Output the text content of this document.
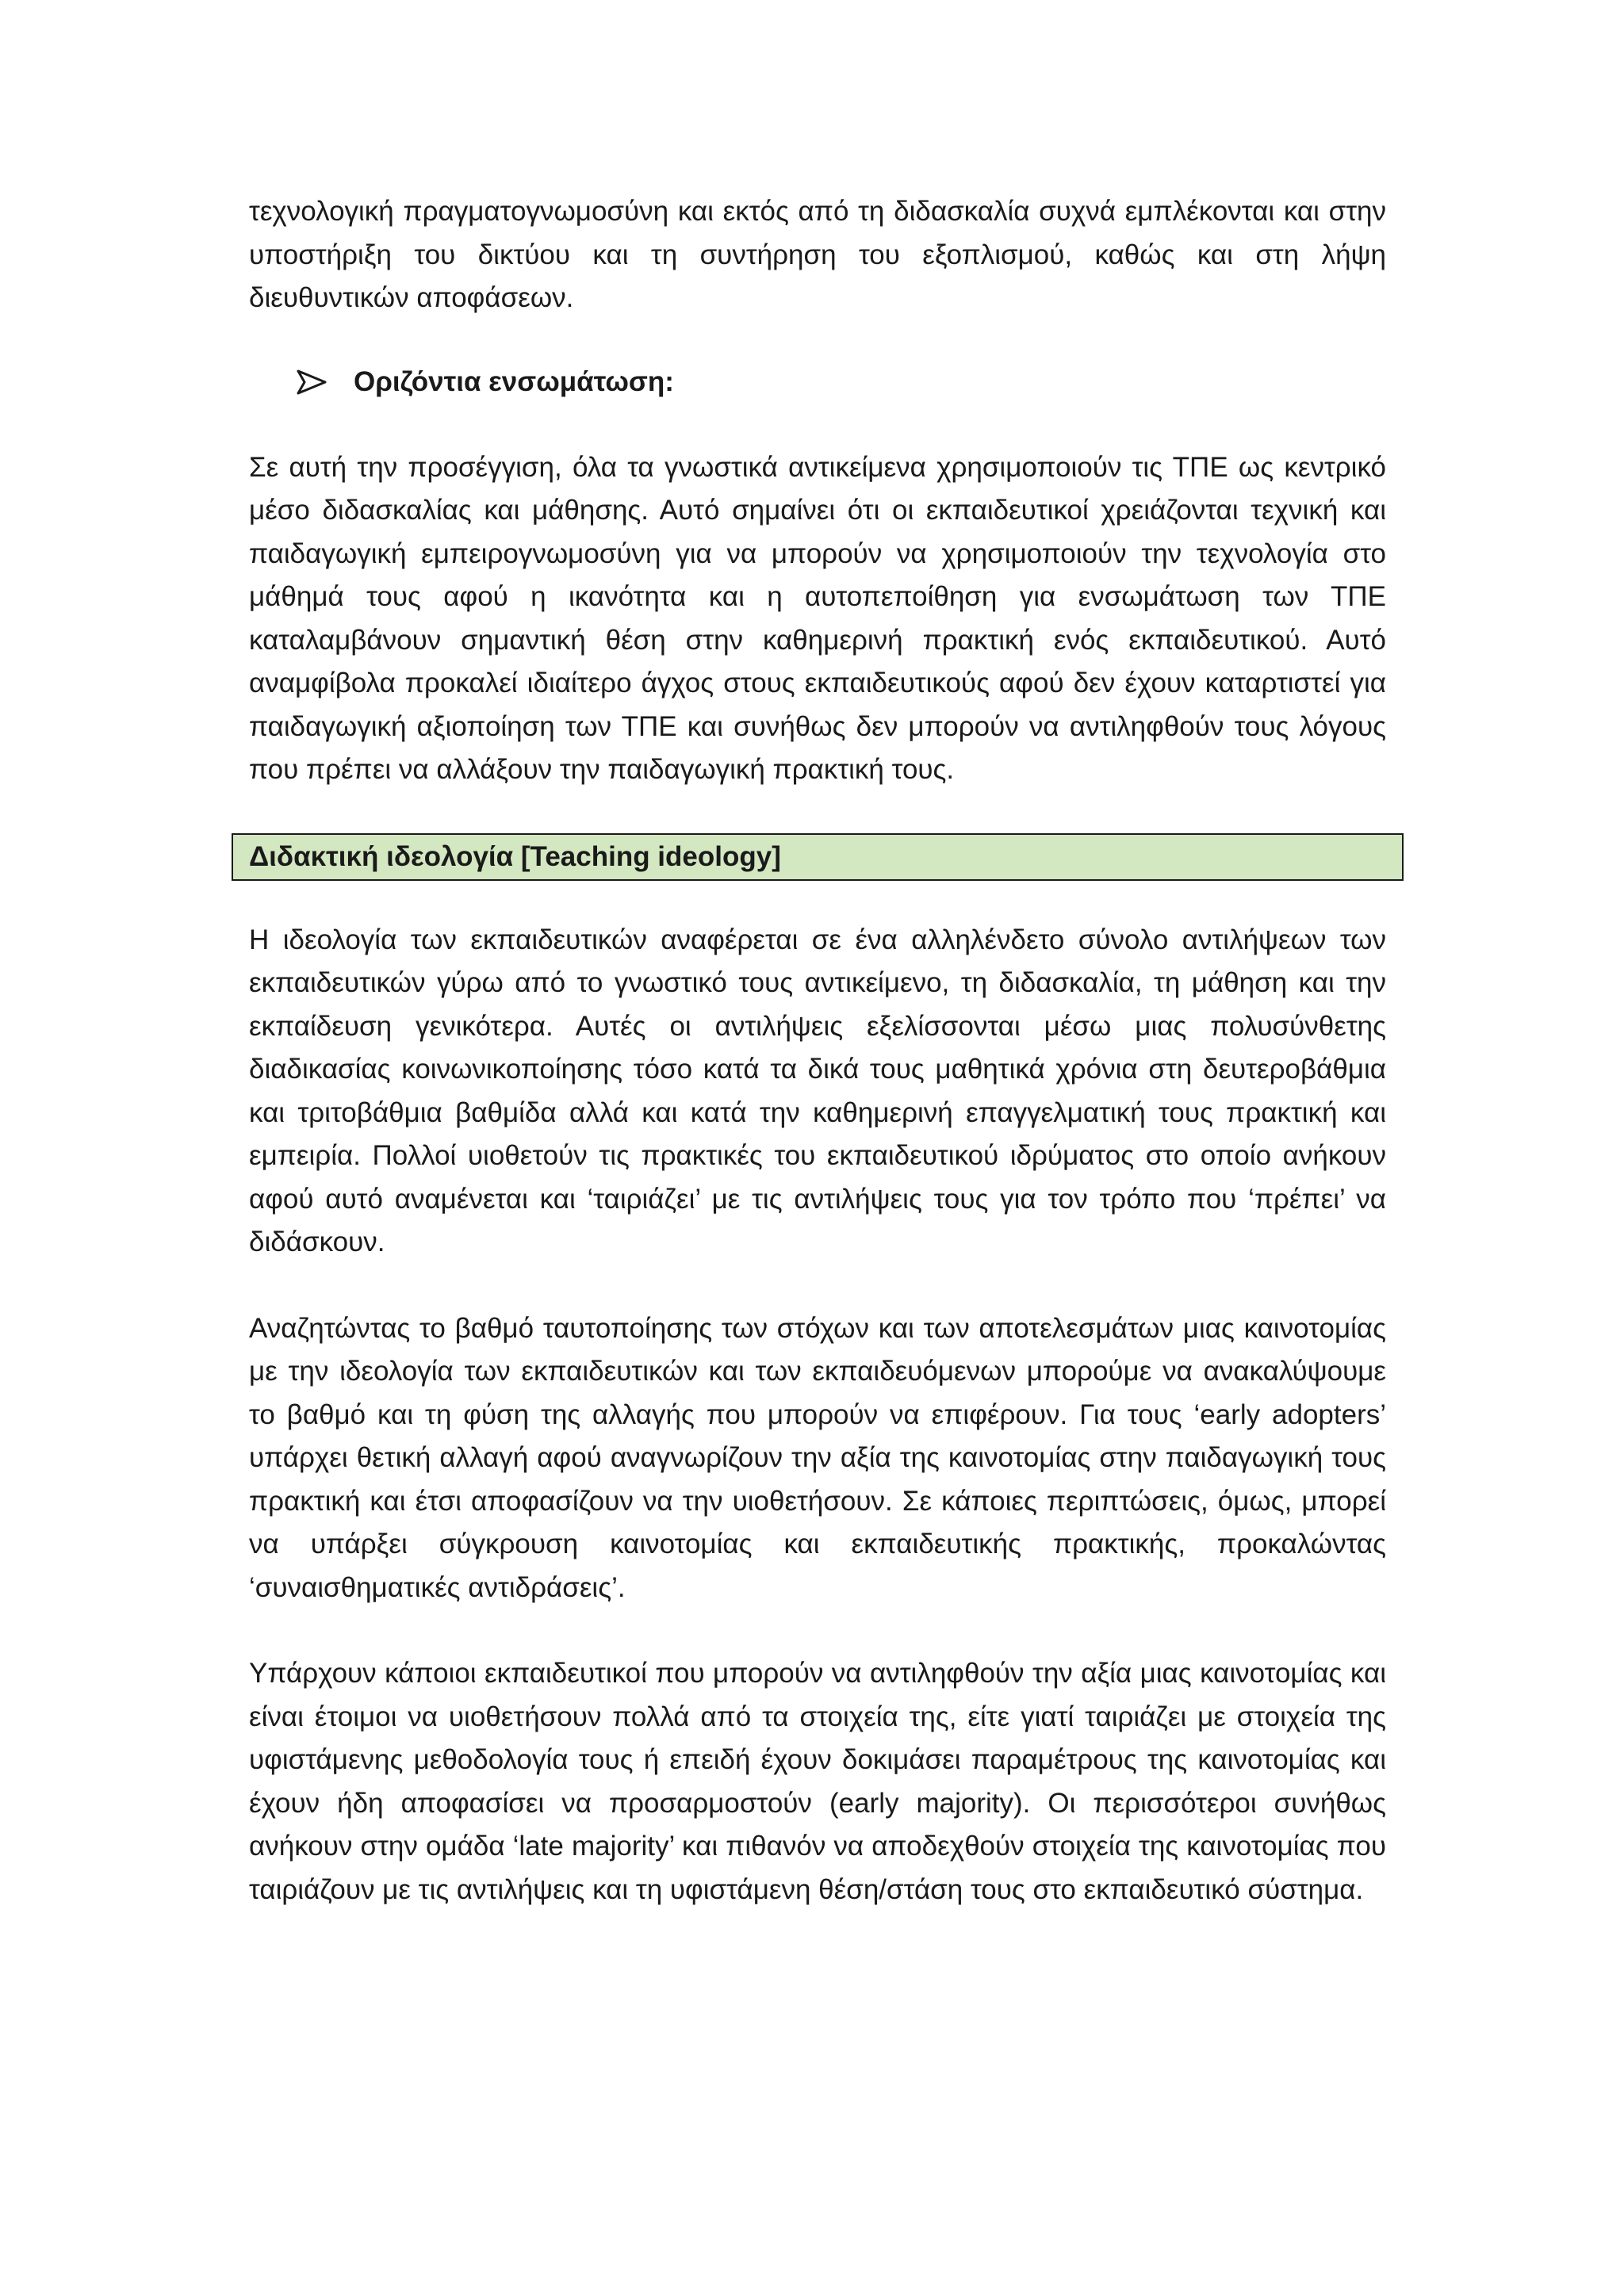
τεχνολογική πραγματογνωμοσύνη και εκτός από τη διδασκαλία συχνά εμπλέκονται και στην υποστήριξη του δικτύου και τη συντήρηση του εξοπλισμού, καθώς και στη λήψη διευθυντικών αποφάσεων.

Οριζόντια ενσωμάτωση:

Σε αυτή την προσέγγιση, όλα τα γνωστικά αντικείμενα χρησιμοποιούν τις ΤΠΕ ως κεντρικό μέσο διδασκαλίας και μάθησης. Αυτό σημαίνει ότι οι εκπαιδευτικοί χρειάζονται τεχνική και παιδαγωγική εμπειρογνωμοσύνη για να μπορούν να χρησιμοποιούν την τεχνολογία στο μάθημά τους αφού η ικανότητα και η αυτοπεποίθηση για ενσωμάτωση των ΤΠΕ καταλαμβάνουν σημαντική θέση στην καθημερινή πρακτική ενός εκπαιδευτικού. Αυτό αναμφίβολα προκαλεί ιδιαίτερο άγχος στους εκπαιδευτικούς αφού δεν έχουν καταρτιστεί για παιδαγωγική αξιοποίηση των ΤΠΕ και συνήθως δεν μπορούν να αντιληφθούν τους λόγους που πρέπει να αλλάξουν την παιδαγωγική πρακτική τους.

Διδακτική ιδεολογία [Teaching ideology]

Η ιδεολογία των εκπαιδευτικών αναφέρεται σε ένα αλληλένδετο σύνολο αντιλήψεων των εκπαιδευτικών γύρω από το γνωστικό τους αντικείμενο, τη διδασκαλία, τη μάθηση και την εκπαίδευση γενικότερα. Αυτές οι αντιλήψεις εξελίσσονται μέσω μιας πολυσύνθετης διαδικασίας κοινωνικοποίησης τόσο κατά τα δικά τους μαθητικά χρόνια στη δευτεροβάθμια και τριτοβάθμια βαθμίδα αλλά και κατά την καθημερινή επαγγελματική τους πρακτική και εμπειρία. Πολλοί υιοθετούν τις πρακτικές του εκπαιδευτικού ιδρύματος στο οποίο ανήκουν αφού αυτό αναμένεται και ‘ταιριάζει’ με τις αντιλήψεις τους για τον τρόπο που ‘πρέπει’ να διδάσκουν.

Αναζητώντας το βαθμό ταυτοποίησης των στόχων και των αποτελεσμάτων μιας καινοτομίας με την ιδεολογία των εκπαιδευτικών και των εκπαιδευόμενων μπορούμε να ανακαλύψουμε το βαθμό και τη φύση της αλλαγής που μπορούν να επιφέρουν. Για τους ‘early adopters’ υπάρχει θετική αλλαγή αφού αναγνωρίζουν την αξία της καινοτομίας στην παιδαγωγική τους πρακτική και έτσι αποφασίζουν να την υιοθετήσουν. Σε κάποιες περιπτώσεις, όμως, μπορεί να υπάρξει σύγκρουση καινοτομίας και εκπαιδευτικής πρακτικής, προκαλώντας ‘συναισθηματικές αντιδράσεις’.

Υπάρχουν κάποιοι εκπαιδευτικοί που μπορούν να αντιληφθούν την αξία μιας καινοτομίας και είναι έτοιμοι να υιοθετήσουν πολλά από τα στοιχεία της, είτε γιατί ταιριάζει με στοιχεία της υφιστάμενης μεθοδολογία τους ή επειδή έχουν δοκιμάσει παραμέτρους της καινοτομίας και έχουν ήδη αποφασίσει να προσαρμοστούν (early majority). Οι περισσότεροι συνήθως ανήκουν στην ομάδα ‘late majority’ και πιθανόν να αποδεχθούν στοιχεία της καινοτομίας που ταιριάζουν με τις αντιλήψεις και τη υφιστάμενη θέση/στάση τους στο εκπαιδευτικό σύστημα.
